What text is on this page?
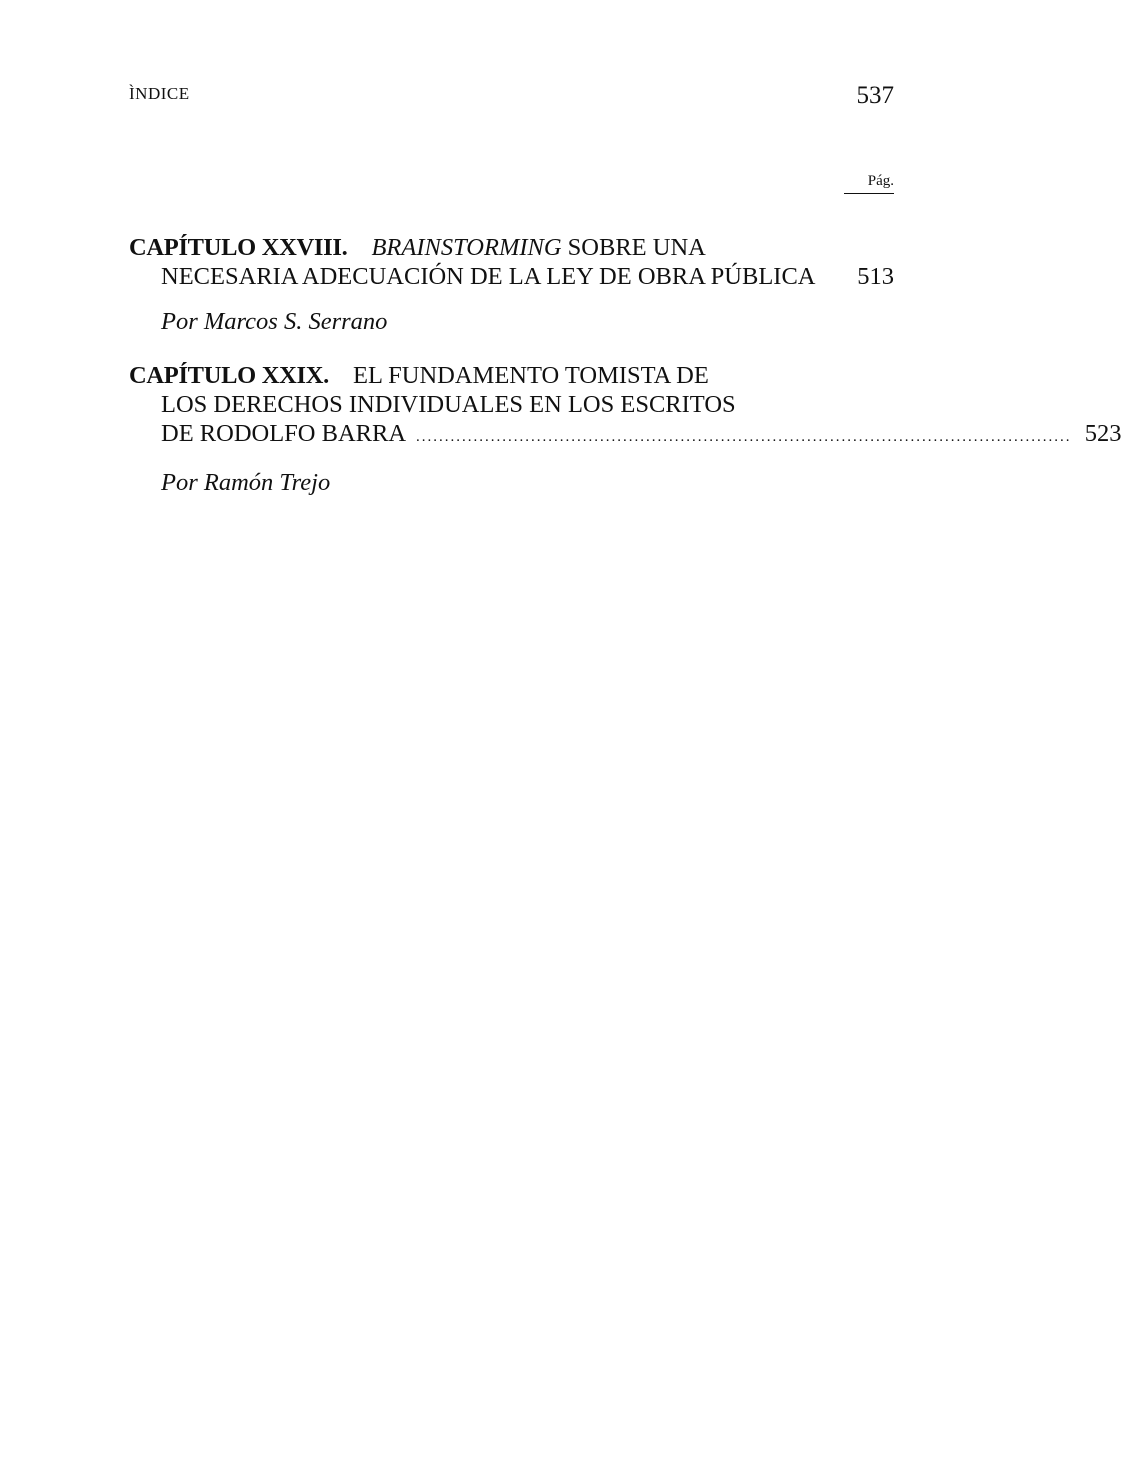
ÌNDICE	537
Pág.
CAPÍTULO XXVIII. BRAINSTORMING SOBRE UNA
NECESARIA ADECUACIÓN DE LA LEY DE OBRA PÚBLICA 513
Por Marcos S. Serrano
CAPÍTULO XXIX. EL FUNDAMENTO TOMISTA DE
LOS DERECHOS INDIVIDUALES EN LOS ESCRITOS
DE RODOLFO BARRA .................................................................................................................. 523
Por Ramón Trejo
